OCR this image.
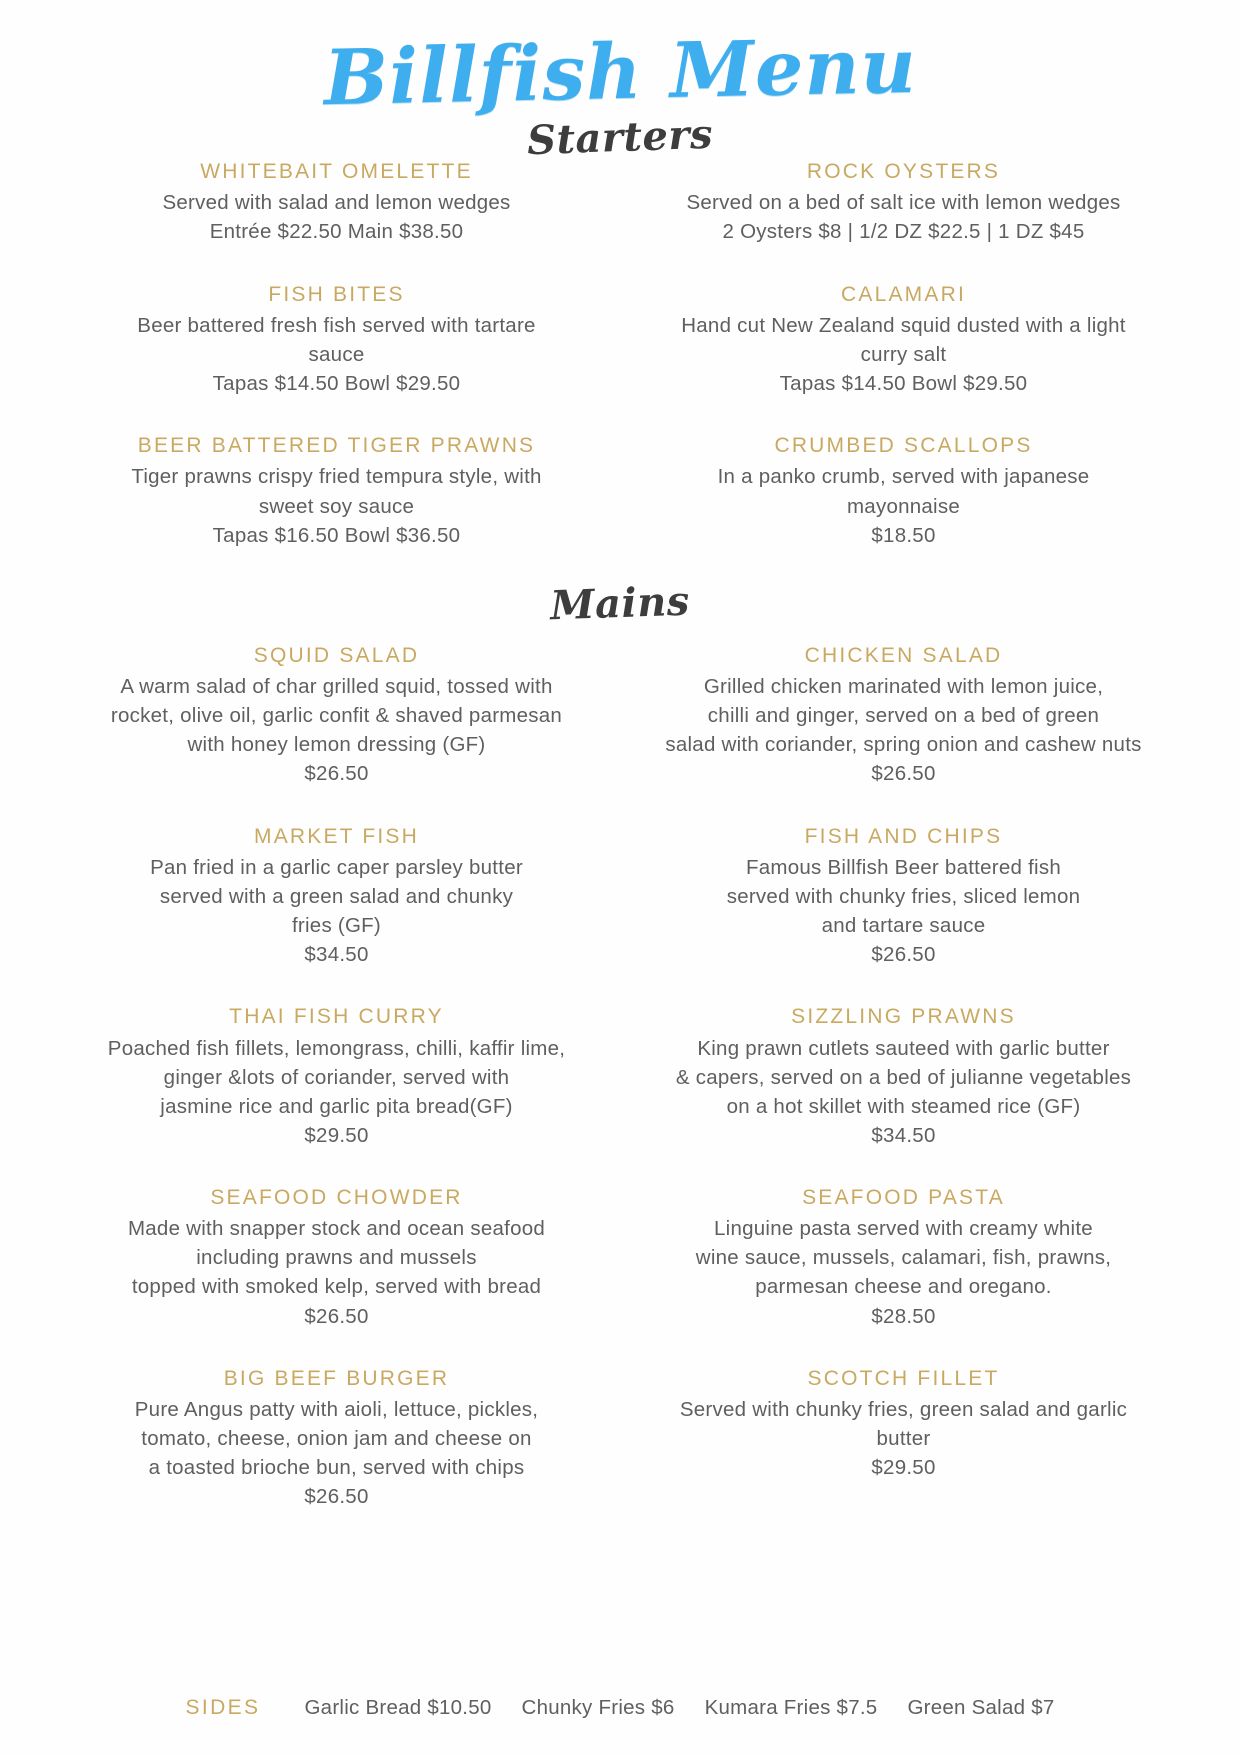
Billfish Menu
Starters
WHITEBAIT OMELETTE
Served with salad and lemon wedges
Entrée $22.50 Main $38.50
FISH BITES
Beer battered fresh fish served with tartare
sauce
Tapas $14.50 Bowl $29.50
BEER BATTERED TIGER PRAWNS
Tiger prawns crispy fried tempura style, with
sweet soy sauce
Tapas $16.50 Bowl $36.50
ROCK OYSTERS
Served on a bed of salt ice with lemon wedges
2 Oysters $8 | 1/2 DZ $22.5 | 1 DZ $45
CALAMARI
Hand cut New Zealand squid dusted with a light
curry salt
Tapas $14.50 Bowl $29.50
CRUMBED SCALLOPS
In a panko crumb, served with japanese
mayonnaise
$18.50
Mains
SQUID SALAD
A warm salad of char grilled squid, tossed with
rocket, olive oil, garlic confit & shaved parmesan
with honey lemon dressing (GF)
$26.50
MARKET FISH
Pan fried in a garlic caper parsley butter
served with a green salad and chunky
fries (GF)
$34.50
THAI FISH CURRY
Poached fish fillets, lemongrass, chilli, kaffir lime,
ginger &lots of coriander, served with
jasmine rice and garlic pita bread(GF)
$29.50
SEAFOOD CHOWDER
Made with snapper stock and ocean seafood
including prawns and mussels
topped with smoked kelp, served with bread
$26.50
BIG BEEF BURGER
Pure Angus patty with aioli, lettuce, pickles,
tomato, cheese, onion jam and cheese on
a toasted brioche bun, served with chips
$26.50
CHICKEN SALAD
Grilled chicken marinated with lemon juice,
chilli and ginger, served on a bed of green
salad with coriander, spring onion and cashew nuts
$26.50
FISH AND CHIPS
Famous Billfish Beer battered fish
served with chunky fries, sliced lemon
and tartare sauce
$26.50
SIZZLING PRAWNS
King prawn cutlets sauteed with garlic butter
& capers, served on a bed of julianne vegetables
on a hot skillet with steamed rice (GF)
$34.50
SEAFOOD PASTA
Linguine pasta served with creamy white
wine sauce, mussels, calamari, fish, prawns,
parmesan cheese and oregano.
$28.50
SCOTCH FILLET
Served with chunky fries, green salad and garlic
butter
$29.50
SIDES Garlic Bread $10.50 Chunky Fries $6 Kumara Fries $7.5 Green Salad $7
